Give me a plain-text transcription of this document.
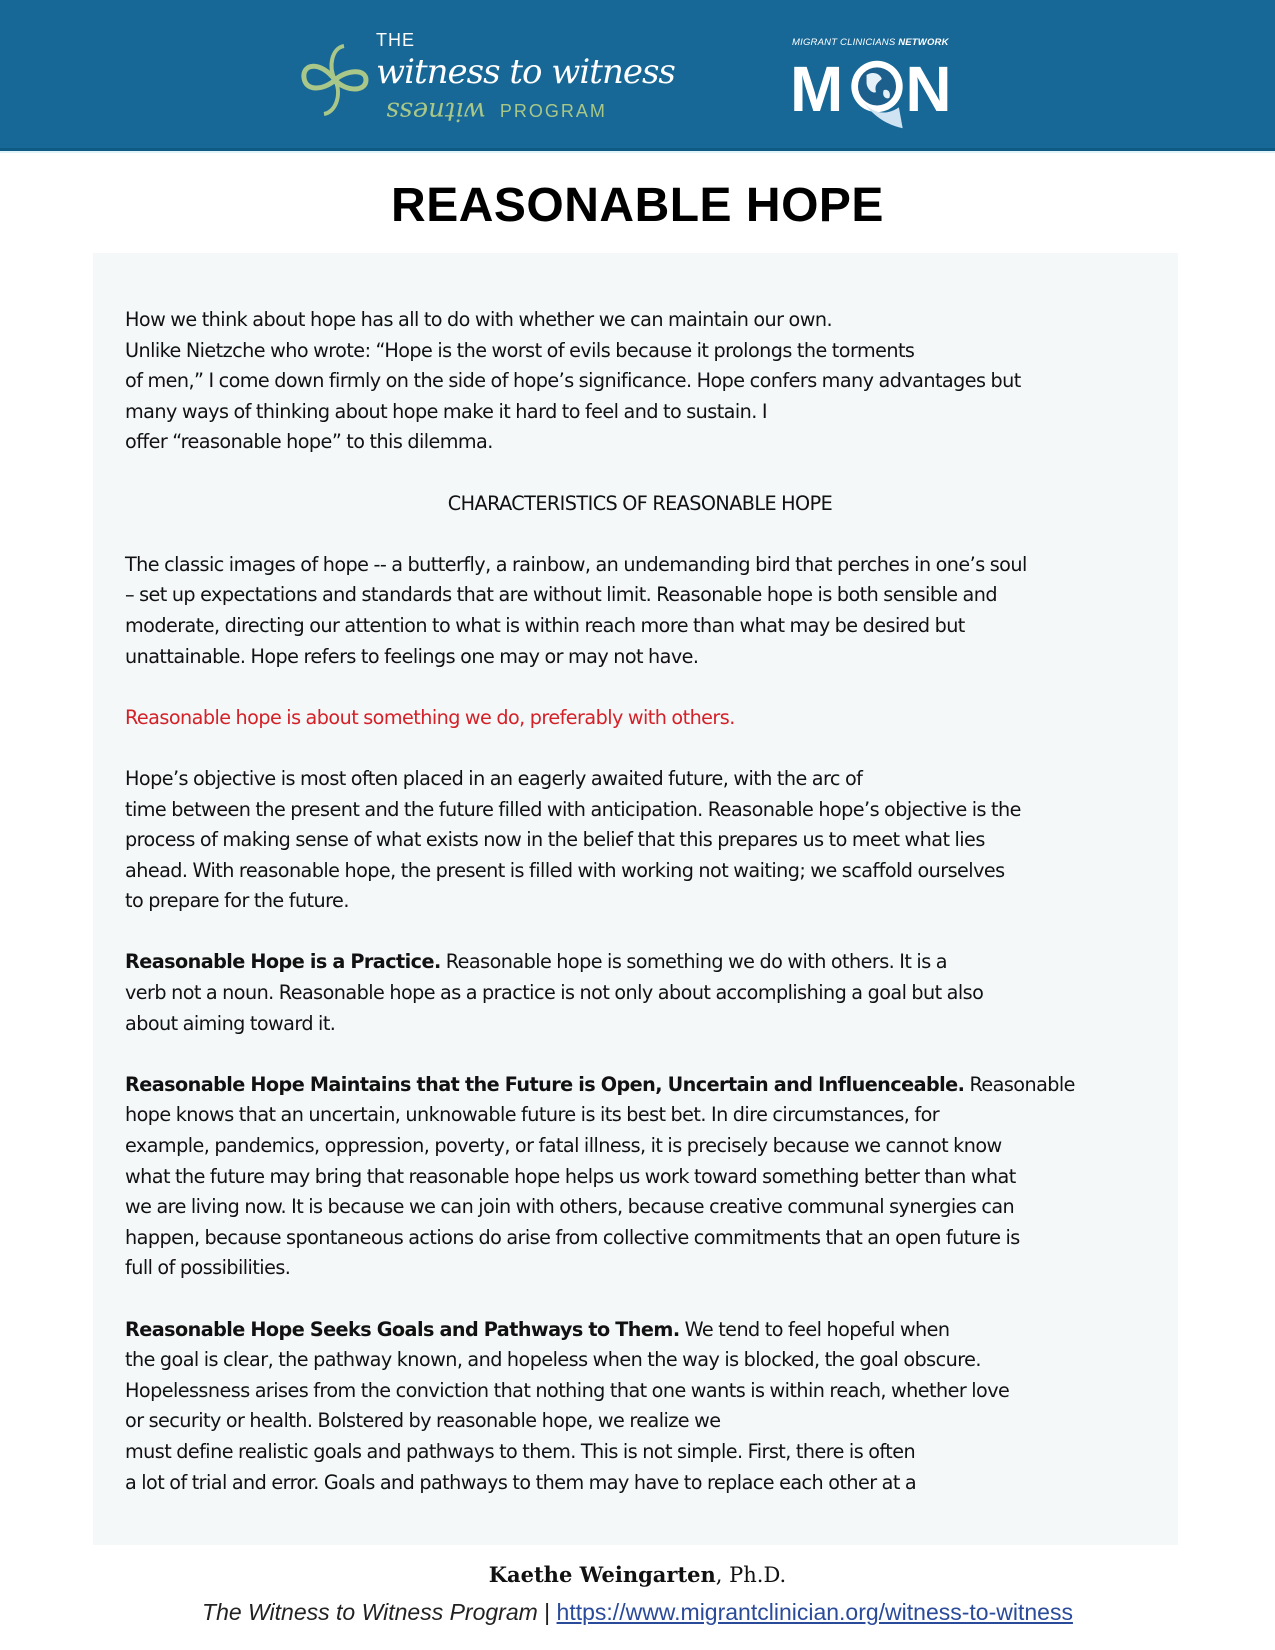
THE
witness to witness
witness PROGRAM
MIGRANT CLINICIANS NETWORK
M N
REASONABLE HOPE

How we think about hope has all to do with whether we can maintain our own.
Unlike Nietzche who wrote: “Hope is the worst of evils because it prolongs the torments
of men,” I come down firmly on the side of hope’s significance. Hope confers many advantages but
many ways of thinking about hope make it hard to feel and to sustain. I
offer “reasonable hope” to this dilemma.

CHARACTERISTICS OF REASONABLE HOPE

The classic images of hope -- a butterfly, a rainbow, an undemanding bird that perches in one’s soul
– set up expectations and standards that are without limit. Reasonable hope is both sensible and
moderate, directing our attention to what is within reach more than what may be desired but
unattainable. Hope refers to feelings one may or may not have.

Reasonable hope is about something we do, preferably with others.

Hope’s objective is most often placed in an eagerly awaited future, with the arc of
time between the present and the future filled with anticipation. Reasonable hope’s objective is the
process of making sense of what exists now in the belief that this prepares us to meet what lies
ahead. With reasonable hope, the present is filled with working not waiting; we scaffold ourselves
to prepare for the future.

Reasonable Hope is a Practice. Reasonable hope is something we do with others. It is a
verb not a noun. Reasonable hope as a practice is not only about accomplishing a goal but also
about aiming toward it.

Reasonable Hope Maintains that the Future is Open, Uncertain and Influenceable. Reasonable
hope knows that an uncertain, unknowable future is its best bet. In dire circumstances, for
example, pandemics, oppression, poverty, or fatal illness, it is precisely because we cannot know
what the future may bring that reasonable hope helps us work toward something better than what
we are living now. It is because we can join with others, because creative communal synergies can
happen, because spontaneous actions do arise from collective commitments that an open future is
full of possibilities.

Reasonable Hope Seeks Goals and Pathways to Them. We tend to feel hopeful when
the goal is clear, the pathway known, and hopeless when the way is blocked, the goal obscure.
Hopelessness arises from the conviction that nothing that one wants is within reach, whether love
or security or health. Bolstered by reasonable hope, we realize we
must define realistic goals and pathways to them. This is not simple. First, there is often
a lot of trial and error. Goals and pathways to them may have to replace each other at a

Kaethe Weingarten, Ph.D.
The Witness to Witness Program | https://www.migrantclinician.org/witness-to-witness
